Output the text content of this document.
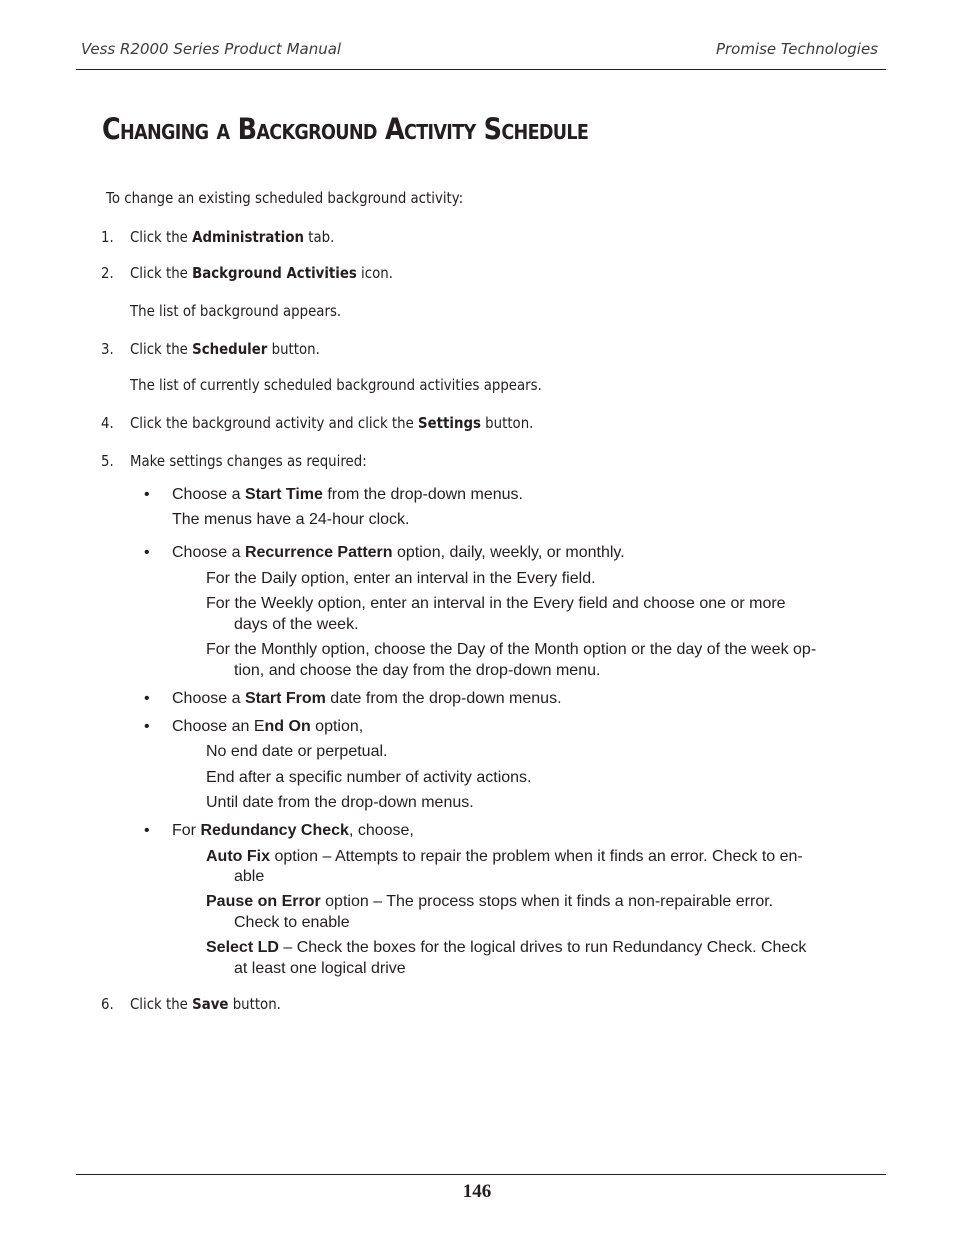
Vess R2000 Series Product Manual	Promise Technologies
Changing a Background Activity Schedule
To change an existing scheduled background activity:
1. Click the Administration tab.
2. Click the Background Activities icon.
The list of background appears.
3. Click the Scheduler button.
The list of currently scheduled background activities appears.
4. Click the background activity and click the Settings button.
5. Make settings changes as required:
• Choose a Start Time from the drop-down menus.
The menus have a 24-hour clock.
• Choose a Recurrence Pattern option, daily, weekly, or monthly.
For the Daily option, enter an interval in the Every field.
For the Weekly option, enter an interval in the Every field and choose one or more
days of the week.
For the Monthly option, choose the Day of the Month option or the day of the week op-
tion, and choose the day from the drop-down menu.
• Choose a Start From date from the drop-down menus.
• Choose an End On option,
No end date or perpetual.
End after a specific number of activity actions.
Until date from the drop-down menus.
• For Redundancy Check, choose,
Auto Fix option – Attempts to repair the problem when it finds an error. Check to en-
able
Pause on Error option – The process stops when it finds a non-repairable error.
Check to enable
Select LD – Check the boxes for the logical drives to run Redundancy Check. Check
at least one logical drive
6. Click the Save button.
146
